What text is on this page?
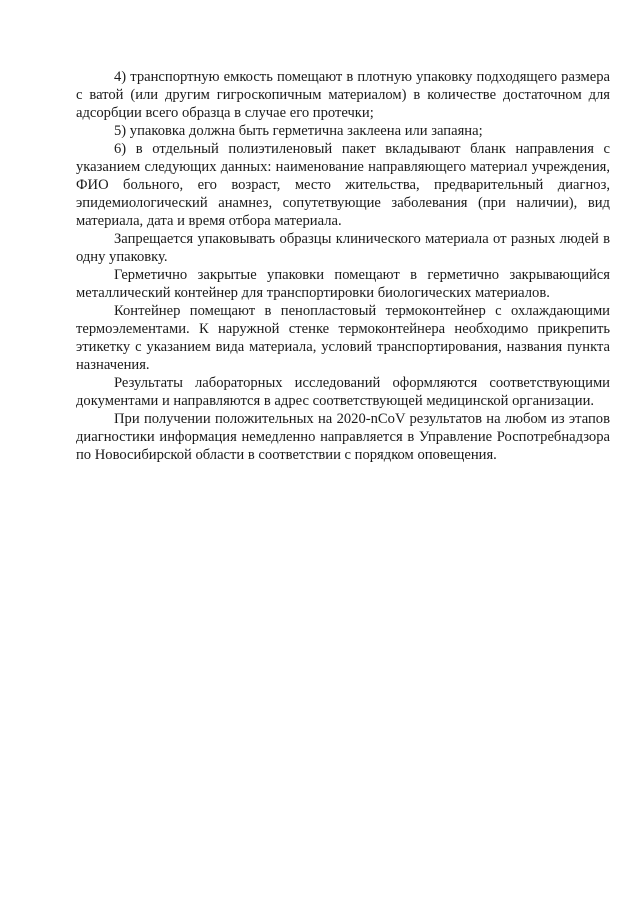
4) транспортную емкость помещают в плотную упаковку подходящего размера с ватой (или другим гигроскопичным материалом) в количестве достаточном для адсорбции всего образца в случае его протечки;

5) упаковка должна быть герметична заклеена или запаяна;

6) в отдельный полиэтиленовый пакет вкладывают бланк направления с указанием следующих данных: наименование направляющего материал учреждения, ФИО больного, его возраст, место жительства, предварительный диагноз, эпидемиологический анамнез, сопутетвующие заболевания (при наличии), вид материала, дата и время отбора материала.

Запрещается упаковывать образцы клинического материала от разных людей в одну упаковку.

Герметично закрытые упаковки помещают в герметично закрывающийся металлический контейнер для транспортировки биологических материалов.

Контейнер помещают в пенопластовый термоконтейнер с охлаждающими термоэлементами. К наружной стенке термоконтейнера необходимо прикрепить этикетку с указанием вида материала, условий транспортирования, названия пункта назначения.

Результаты лабораторных исследований оформляются соответствующими документами и направляются в адрес соответствующей медицинской организации.

При получении положительных на 2020-nCoV результатов на любом из этапов диагностики информация немедленно направляется в Управление Роспотребнадзора по Новосибирской области в соответствии с порядком оповещения.
